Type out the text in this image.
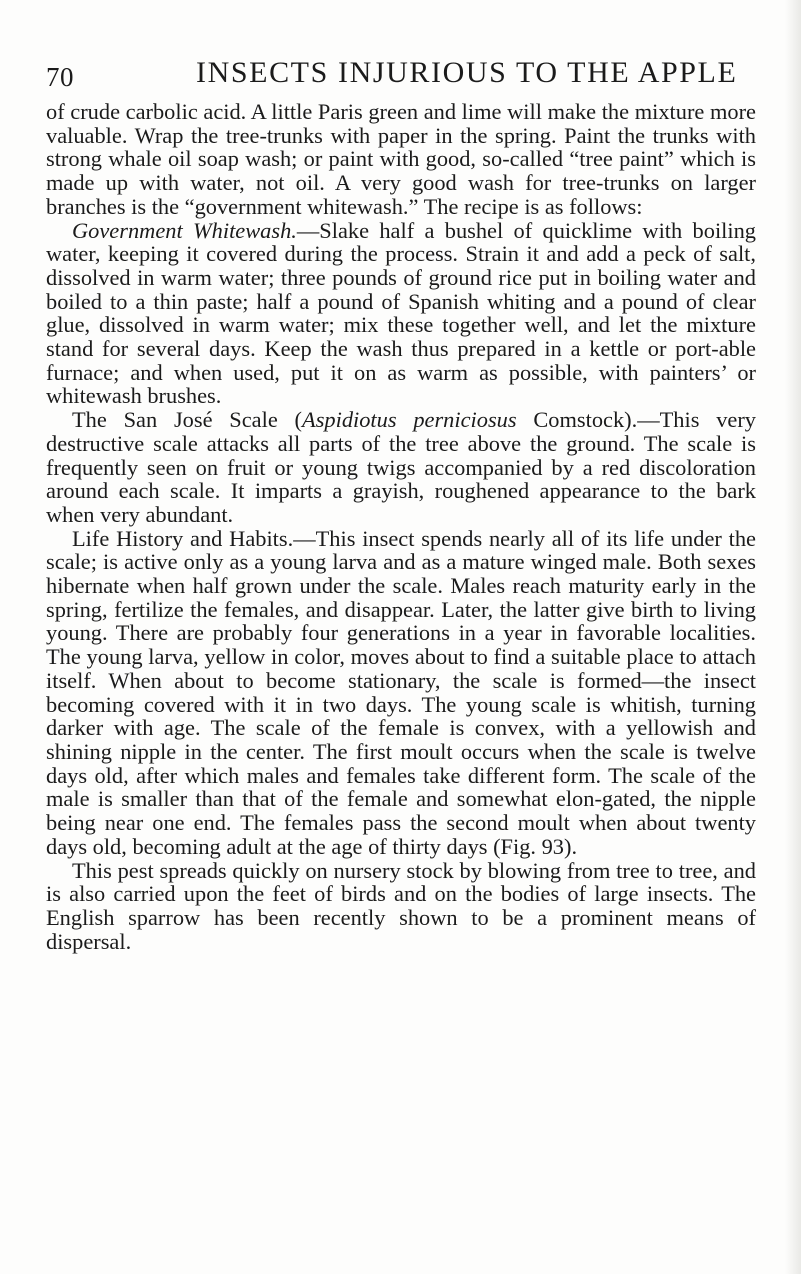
70	INSECTS INJURIOUS TO THE APPLE

of crude carbolic acid. A little Paris green and lime will make the mixture more valuable. Wrap the tree-trunks with paper in the spring. Paint the trunks with strong whale oil soap wash; or paint with good, so-called “tree paint” which is made up with water, not oil. A very good wash for tree-trunks on larger branches is the “government whitewash.” The recipe is as follows:

Government Whitewash.—Slake half a bushel of quicklime with boiling water, keeping it covered during the process. Strain it and add a peck of salt, dissolved in warm water; three pounds of ground rice put in boiling water and boiled to a thin paste; half a pound of Spanish whiting and a pound of clear glue, dissolved in warm water; mix these together well, and let the mixture stand for several days. Keep the wash thus prepared in a kettle or port-able furnace; and when used, put it on as warm as possible, with painters’ or whitewash brushes.

The San José Scale (Aspidiotus perniciosus Comstock).—This very destructive scale attacks all parts of the tree above the ground. The scale is frequently seen on fruit or young twigs accompanied by a red discoloration around each scale. It imparts a grayish, roughened appearance to the bark when very abundant.

Life History and Habits.—This insect spends nearly all of its life under the scale; is active only as a young larva and as a mature winged male. Both sexes hibernate when half grown under the scale. Males reach maturity early in the spring, fertilize the females, and disappear. Later, the latter give birth to living young. There are probably four generations in a year in favorable localities. The young larva, yellow in color, moves about to find a suitable place to attach itself. When about to become stationary, the scale is formed—the insect becoming covered with it in two days. The young scale is whitish, turning darker with age. The scale of the female is convex, with a yellowish and shining nipple in the center. The first moult occurs when the scale is twelve days old, after which males and females take different form. The scale of the male is smaller than that of the female and somewhat elon-gated, the nipple being near one end. The females pass the second moult when about twenty days old, becoming adult at the age of thirty days (Fig. 93).

This pest spreads quickly on nursery stock by blowing from tree to tree, and is also carried upon the feet of birds and on the bodies of large insects. The English sparrow has been recently shown to be a prominent means of dispersal.
